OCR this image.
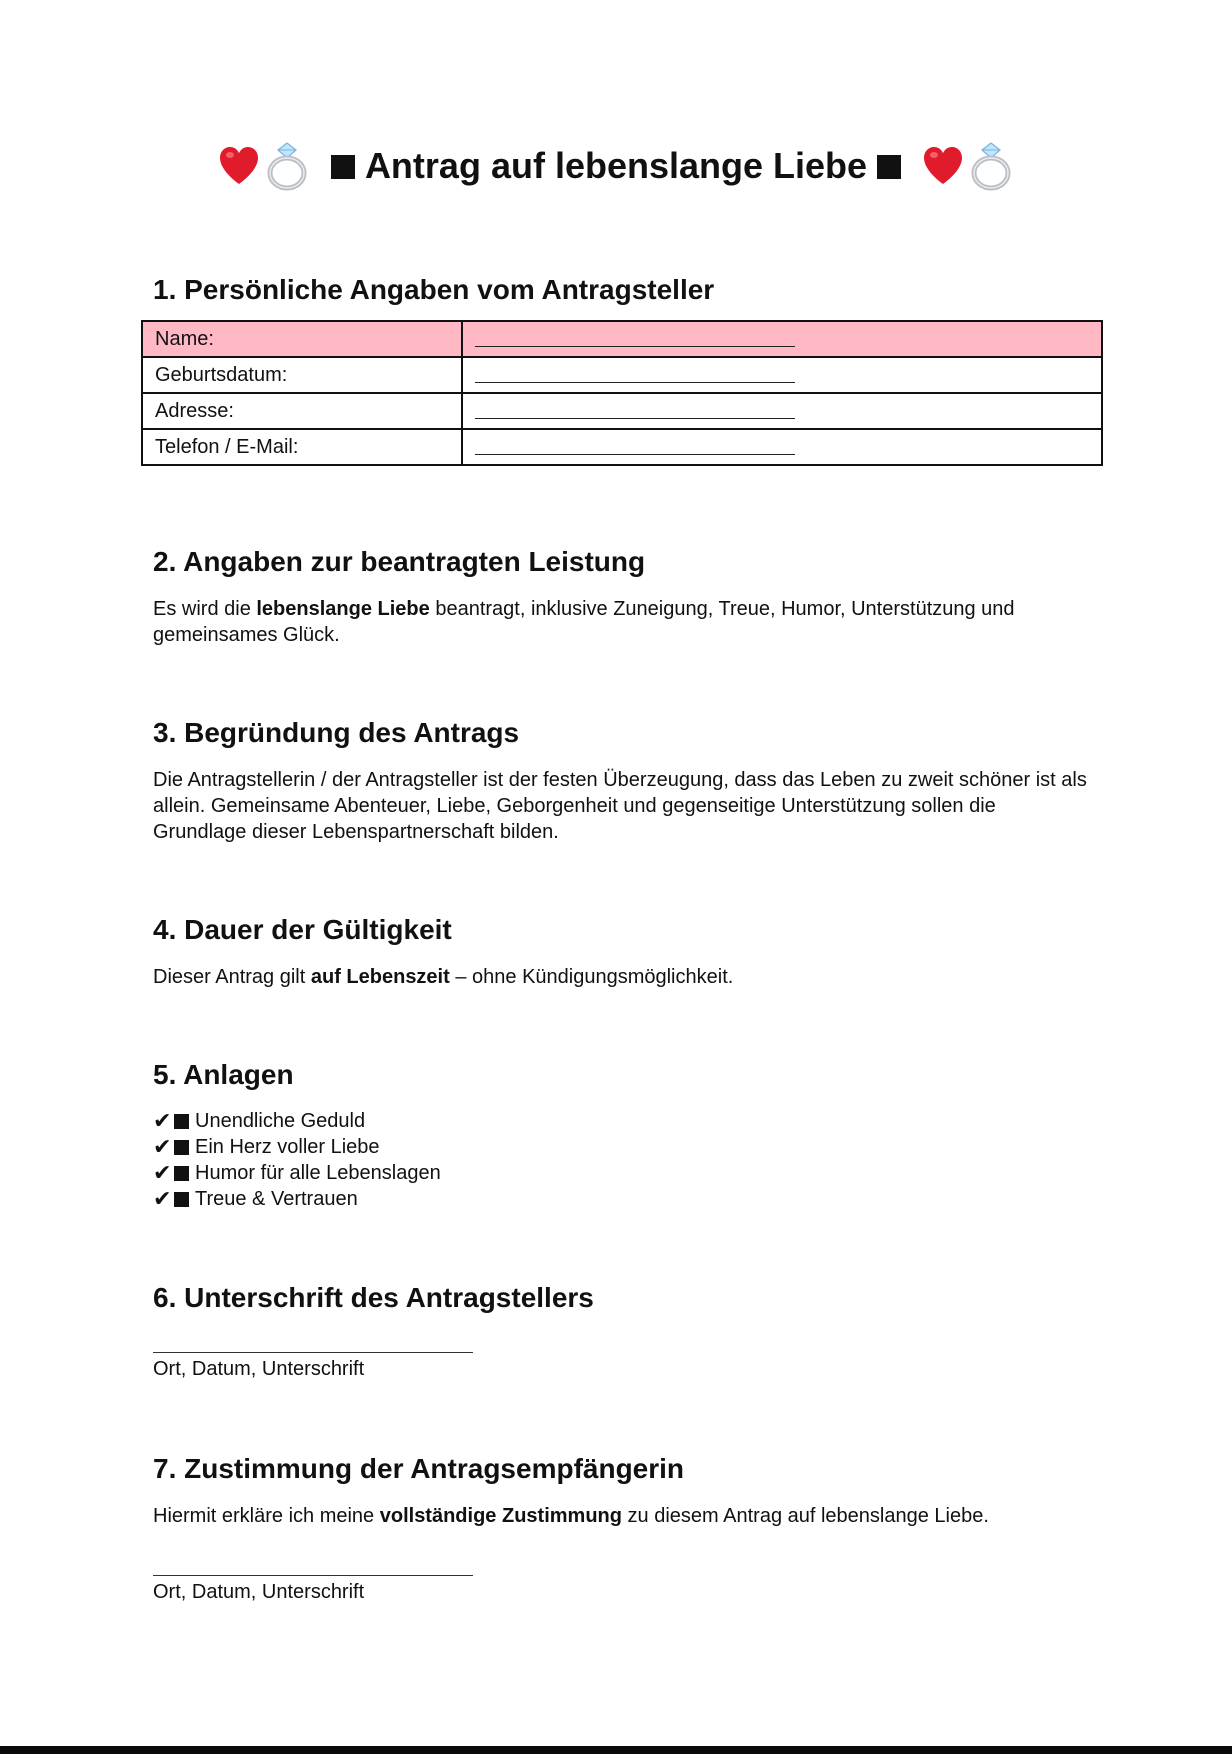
Antrag auf lebenslange Liebe
1. Persönliche Angaben vom Antragsteller
Name:	
Geburtsdatum:	
Adresse:	
Telefon / E-Mail:	
2. Angaben zur beantragten Leistung

Es wird die lebenslange Liebe beantragt, inklusive Zuneigung, Treue, Humor, Unterstützung und gemeinsames Glück.

3. Begründung des Antrags

Die Antragstellerin / der Antragsteller ist der festen Überzeugung, dass das Leben zu zweit schöner ist als allein. Gemeinsame Abenteuer, Liebe, Geborgenheit und gegenseitige Unterstützung sollen die Grundlage dieser Lebenspartnerschaft bilden.

4. Dauer der Gültigkeit

Dieser Antrag gilt auf Lebenszeit – ohne Kündigungsmöglichkeit.

5. Anlagen
✔ Unendliche Geduld
✔ Ein Herz voller Liebe
✔ Humor für alle Lebenslagen
✔ Treue & Vertrauen
6. Unterschrift des Antragstellers
Ort, Datum, Unterschrift
7. Zustimmung der Antragsempfängerin

Hiermit erkläre ich meine vollständige Zustimmung zu diesem Antrag auf lebenslange Liebe.

Ort, Datum, Unterschrift
